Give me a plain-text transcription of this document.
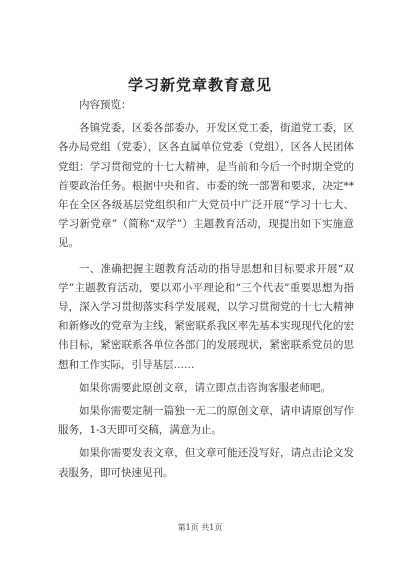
学习新党章教育意见

内容预览：

各镇党委，区委各部委办，开发区党工委，街道党工委，区各办局党组（党委），区各直属单位党委（党组），区各人民团体党组：学习贯彻党的十七大精神，是当前和今后一个时期全党的首要政治任务。根据中央和省、市委的统一部署和要求，决定**年在全区各级基层党组织和广大党员中广泛开展“学习十七大、学习新党章”（简称“双学”）主题教育活动，现提出如下实施意见。

一、准确把握主题教育活动的指导思想和目标要求开展“双学”主题教育活动，要以邓小平理论和“三个代表”重要思想为指导，深入学习贯彻落实科学发展观，以学习贯彻党的十七大精神和新修改的党章为主线，紧密联系我区率先基本实现现代化的宏伟目标，紧密联系各单位各部门的发展现状，紧密联系党员的思想和工作实际，引导基层……

如果你需要此原创文章，请立即点击咨询客服老师吧。

如果你需要定制一篇独一无二的原创文章，请申请原创写作服务，1-3天即可交稿，满意为止。

如果你需要发表文章，但文章可能还没写好，请点击论文发表服务，即可快速见刊。

第1页 共1页
